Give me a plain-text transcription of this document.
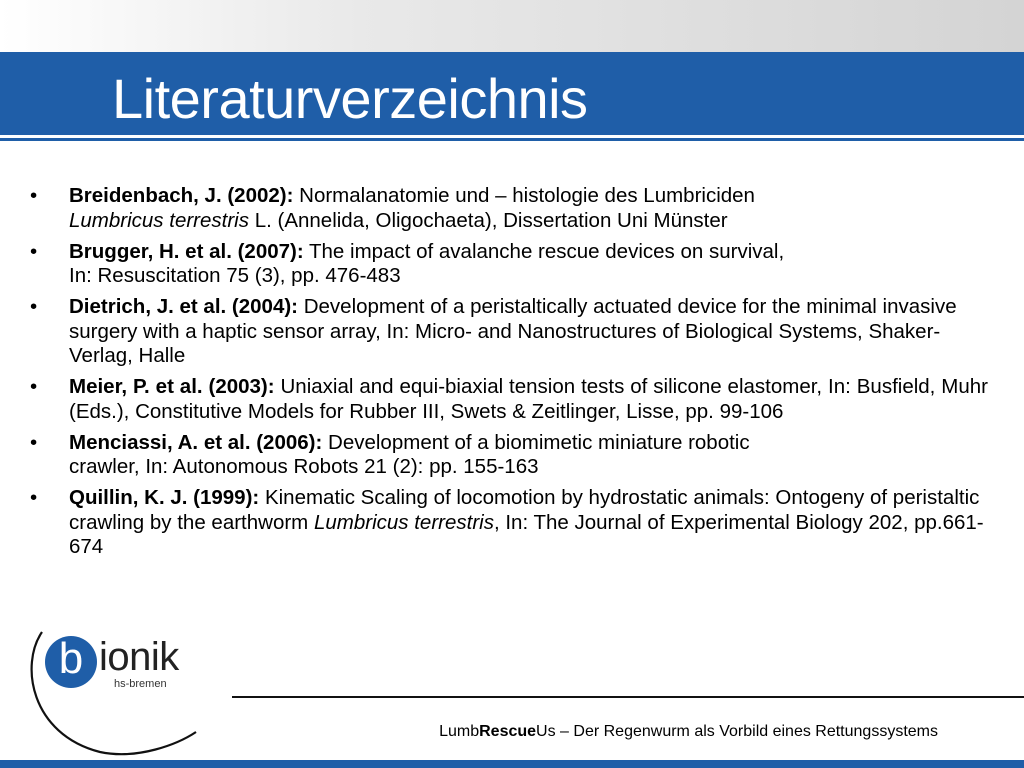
Literaturverzeichnis
•	Breidenbach, J. (2002): Normalanatomie und – histologie des Lumbriciden
Lumbricus terrestris L. (Annelida, Oligochaeta), Dissertation Uni Münster
•	Brugger, H. et al. (2007): The impact of avalanche rescue devices on survival,
In: Resuscitation 75 (3), pp. 476-483
•	Dietrich, J. et al. (2004): Development of a peristaltically actuated device for the minimal invasive surgery with a haptic sensor array, In: Micro- and Nanostructures of Biological Systems, Shaker-Verlag, Halle
•	Meier, P. et al. (2003): Uniaxial and equi-biaxial tension tests of silicone elastomer, In: Busfield, Muhr (Eds.), Constitutive Models for Rubber III, Swets & Zeitlinger, Lisse, pp. 99-106
•	Menciassi, A. et al. (2006): Development of a biomimetic miniature robotic
crawler, In: Autonomous Robots 21 (2): pp. 155-163
•	Quillin, K. J. (1999): Kinematic Scaling of locomotion by hydrostatic animals: Ontogeny of peristaltic crawling by the earthworm Lumbricus terrestris, In: The Journal of Experimental Biology 202, pp.661-674
b ionik
hs-bremen
LumbRescueUs – Der Regenwurm als Vorbild eines Rettungssystems
